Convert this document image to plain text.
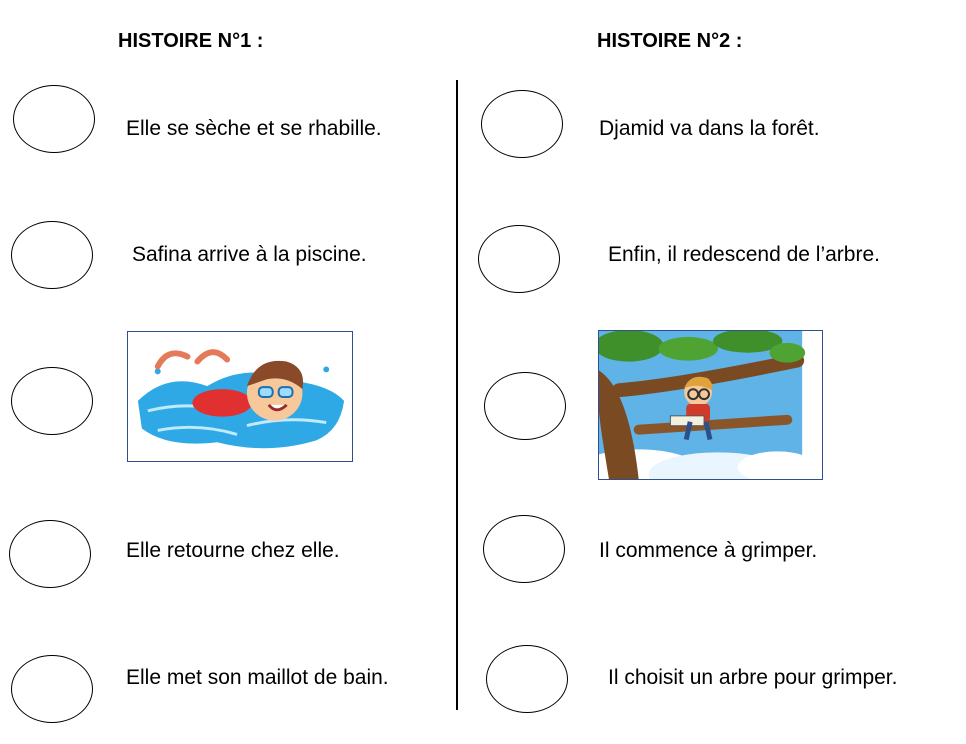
HISTOIRE N°1 :	HISTOIRE N°2 :
Elle se sèche et se rhabille.
Safina arrive à la piscine.
Elle retourne chez elle.
Elle met son maillot de bain.
Djamid va dans la forêt.
Enfin, il redescend de l’arbre.
Il commence à grimper.
Il choisit un arbre pour grimper.
